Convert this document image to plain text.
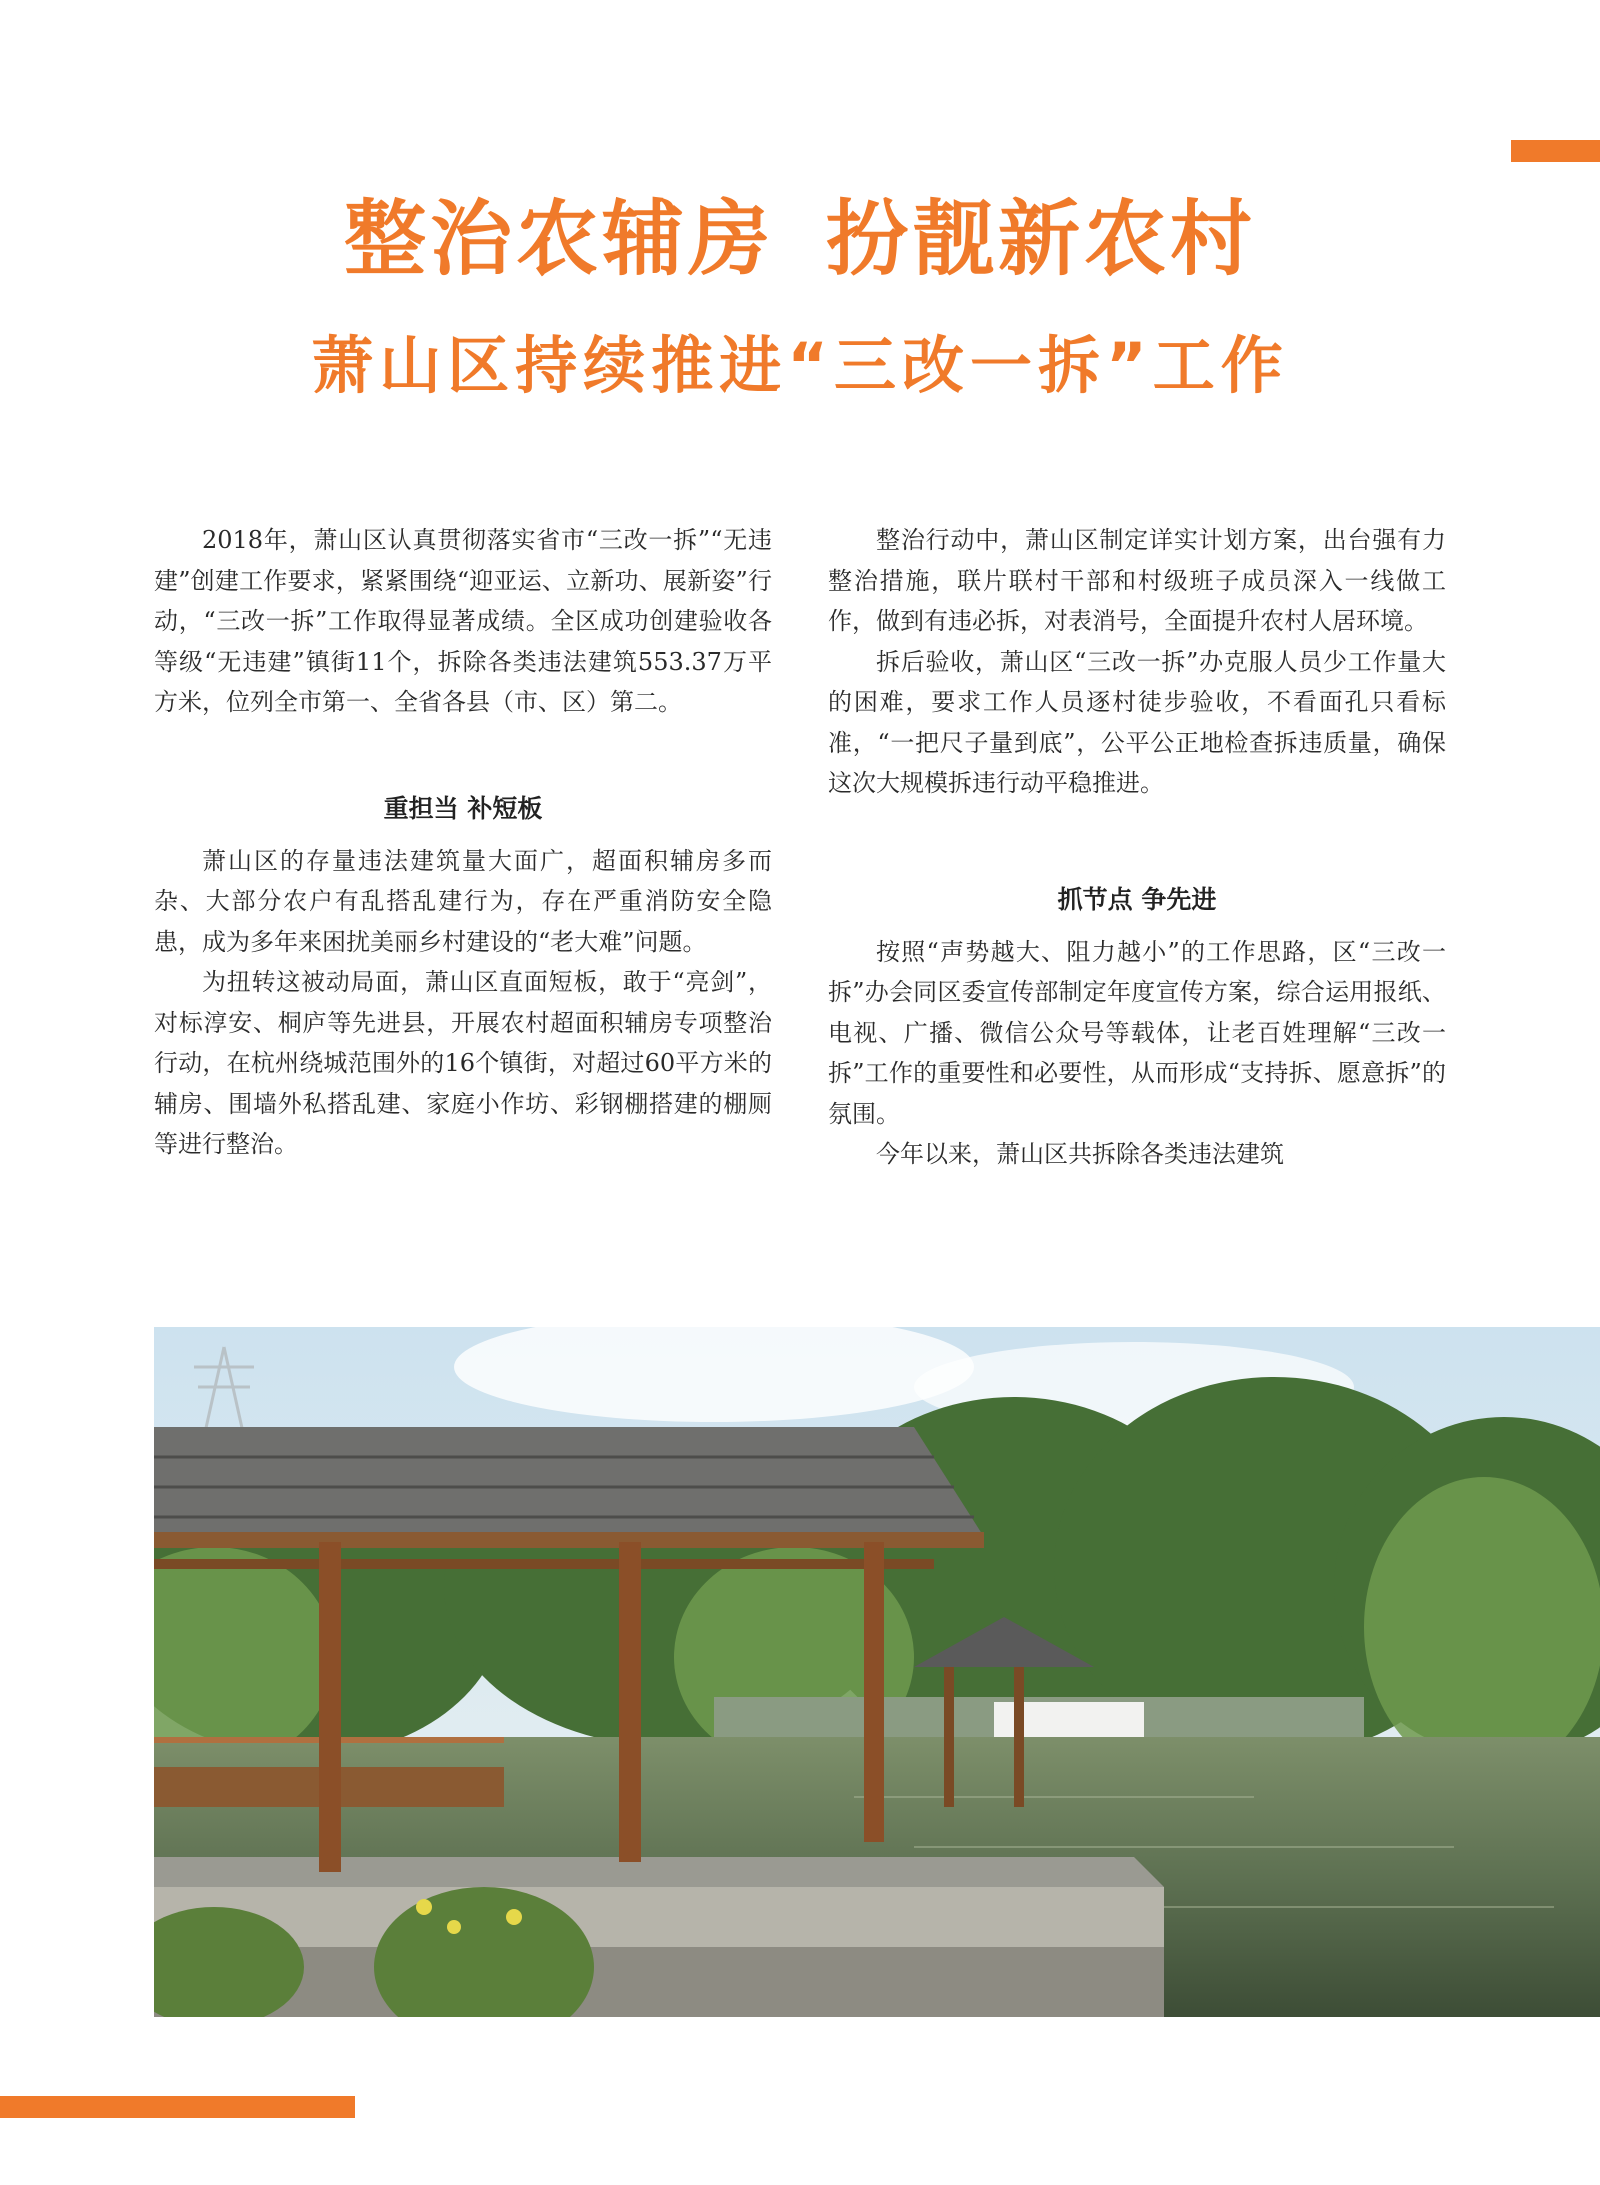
整治农辅房 扮靓新农村
萧山区持续推进“三改一拆”工作

2018年，萧山区认真贯彻落实省市“三改一拆”“无违建”创建工作要求，紧紧围绕“迎亚运、立新功、展新姿”行动，“三改一拆”工作取得显著成绩。全区成功创建验收各等级“无违建”镇街11个，拆除各类违法建筑553.37万平方米，位列全市第一、全省各县（市、区）第二。

重担当 补短板

萧山区的存量违法建筑量大面广，超面积辅房多而杂、大部分农户有乱搭乱建行为，存在严重消防安全隐患，成为多年来困扰美丽乡村建设的“老大难”问题。

为扭转这被动局面，萧山区直面短板，敢于“亮剑”，对标淳安、桐庐等先进县，开展农村超面积辅房专项整治行动，在杭州绕城范围外的16个镇街，对超过60平方米的辅房、围墙外私搭乱建、家庭小作坊、彩钢棚搭建的棚厕等进行整治。

整治行动中，萧山区制定详实计划方案，出台强有力整治措施，联片联村干部和村级班子成员深入一线做工作，做到有违必拆，对表消号，全面提升农村人居环境。

拆后验收，萧山区“三改一拆”办克服人员少工作量大的困难，要求工作人员逐村徒步验收，不看面孔只看标准，“一把尺子量到底”，公平公正地检查拆违质量，确保这次大规模拆违行动平稳推进。

抓节点 争先进

按照“声势越大、阻力越小”的工作思路，区“三改一拆”办会同区委宣传部制定年度宣传方案，综合运用报纸、电视、广播、微信公众号等载体，让老百姓理解“三改一拆”工作的重要性和必要性，从而形成“支持拆、愿意拆”的氛围。

今年以来，萧山区共拆除各类违法建筑
